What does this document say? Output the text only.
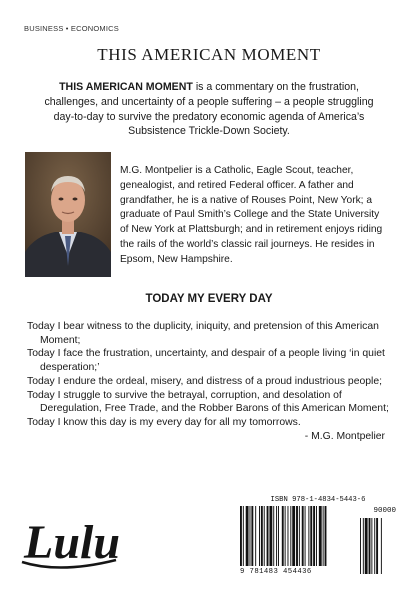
BUSINESS • ECONOMICS
THIS AMERICAN MOMENT
THIS AMERICAN MOMENT is a commentary on the frustration, challenges, and uncertainty of a people suffering – a people struggling day-to-day to survive the predatory economic agenda of America’s Subsistence Trickle-Down Society.
M.G. Montpelier is a Catholic, Eagle Scout, teacher, genealogist, and retired Federal officer. A father and grandfather, he is a native of Rouses Point, New York; a graduate of Paul Smith’s College and the State University of New York at Plattsburgh; and in retirement enjoys riding the rails of the world’s classic rail journeys. He resides in Epsom, New Hampshire.
TODAY MY EVERY DAY

Today I bear witness to the duplicity, iniquity, and pretension of this American Moment;

Today I face the frustration, uncertainty, and despair of a people living ‘in quiet desperation;’

Today I endure the ordeal, misery, and distress of a proud industrious people;

Today I struggle to survive the betrayal, corruption, and desolation of Deregulation, Free Trade, and the Robber Barons of this American Moment;

Today I know this day is my every day for all my tomorrows.

- M.G. Montpelier

Lulu
ISBN 978-1-4834-5443-6
90000
9 781483 454436
